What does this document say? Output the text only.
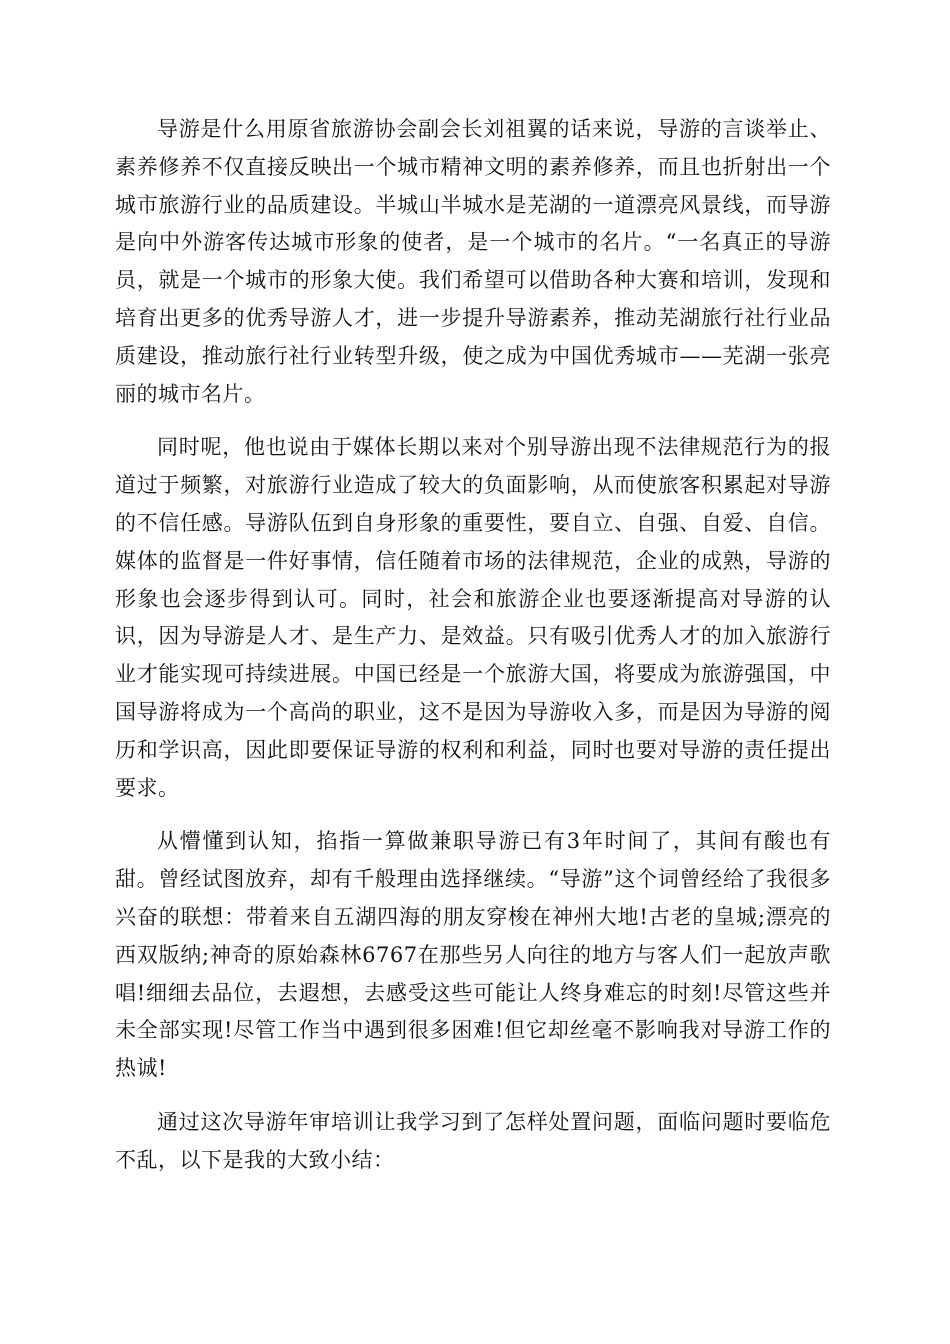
导游是什么用原省旅游协会副会长刘祖翼的话来说，导游的言谈举止、素养修养不仅直接反映出一个城市精神文明的素养修养，而且也折射出一个城市旅游行业的品质建设。半城山半城水是芜湖的一道漂亮风景线，而导游是向中外游客传达城市形象的使者，是一个城市的名片。“一名真正的导游员，就是一个城市的形象大使。我们希望可以借助各种大赛和培训，发现和培育出更多的优秀导游人才，进一步提升导游素养，推动芜湖旅行社行业品质建设，推动旅行社行业转型升级，使之成为中国优秀城市——芜湖一张亮丽的城市名片。

同时呢，他也说由于媒体长期以来对个别导游出现不法律规范行为的报道过于频繁，对旅游行业造成了较大的负面影响，从而使旅客积累起对导游的不信任感。导游队伍到自身形象的重要性，要自立、自强、自爱、自信。媒体的监督是一件好事情，信任随着市场的法律规范，企业的成熟，导游的形象也会逐步得到认可。同时，社会和旅游企业也要逐渐提高对导游的认识，因为导游是人才、是生产力、是效益。只有吸引优秀人才的加入旅游行业才能实现可持续进展。中国已经是一个旅游大国，将要成为旅游强国，中国导游将成为一个高尚的职业，这不是因为导游收入多，而是因为导游的阅历和学识高，因此即要保证导游的权利和利益，同时也要对导游的责任提出要求。

从懵懂到认知，掐指一算做兼职导游已有3年时间了，其间有酸也有甜。曾经试图放弃，却有千般理由选择继续。“导游”这个词曾经给了我很多兴奋的联想：带着来自五湖四海的朋友穿梭在神州大地!古老的皇城;漂亮的西双版纳;神奇的原始森林6767在那些另人向往的地方与客人们一起放声歌唱!细细去品位，去遐想，去感受这些可能让人终身难忘的时刻!尽管这些并未全部实现!尽管工作当中遇到很多困难!但它却丝毫不影响我对导游工作的热诚!

通过这次导游年审培训让我学习到了怎样处置问题，面临问题时要临危不乱，以下是我的大致小结：
